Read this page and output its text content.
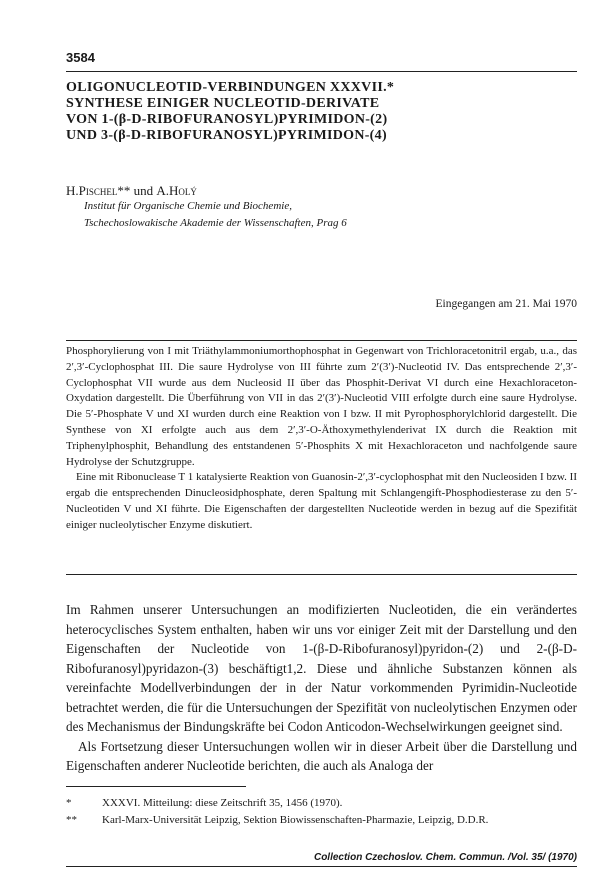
3584
OLIGONUCLEOTID-VERBINDUNGEN XXXVII.*
SYNTHESE EINIGER NUCLEOTID-DERIVATE
VON 1-(β-D-RIBOFURANOSYL)PYRIMIDON-(2)
UND 3-(β-D-RIBOFURANOSYL)PYRIMIDON-(4)
H.Pischel** und A.Holý
Institut für Organische Chemie und Biochemie,
Tschechoslowakische Akademie der Wissenschaften, Prag 6
Eingegangen am 21. Mai 1970

Phosphorylierung von I mit Triäthylammoniumorthophosphat in Gegenwart von Trichloracetonitril ergab, u.a., das 2′,3′-Cyclophosphat III. Die saure Hydrolyse von III führte zum 2′(3′)-Nucleotid IV. Das entsprechende 2′,3′-Cyclophosphat VII wurde aus dem Nucleosid II über das Phosphit-Derivat VI durch eine Hexachloraceton-Oxydation dargestellt. Die Überführung von VII in das 2′(3′)-Nucleotid VIII erfolgte durch eine saure Hydrolyse. Die 5′-Phosphate V und XI wurden durch eine Reaktion von I bzw. II mit Pyrophosphorylchlorid dargestellt. Die Synthese von XI erfolgte auch aus dem 2′,3′-O-Äthoxymethylenderivat IX durch die Reaktion mit Triphenylphosphit, Behandlung des entstandenen 5′-Phosphits X mit Hexachloraceton und nachfolgende saure Hydrolyse der Schutzgruppe.

Eine mit Ribonuclease T 1 katalysierte Reaktion von Guanosin-2′,3′-cyclophosphat mit den Nucleosiden I bzw. II ergab die entsprechenden Dinucleosidphosphate, deren Spaltung mit Schlangengift-Phosphodiesterase zu den 5′-Nucleotiden V und XI führte. Die Eigenschaften der dargestellten Nucleotide werden in bezug auf die Spezifität einiger nucleolytischer Enzyme diskutiert.

Im Rahmen unserer Untersuchungen an modifizierten Nucleotiden, die ein verändertes heterocyclisches System enthalten, haben wir uns vor einiger Zeit mit der Darstellung und den Eigenschaften der Nucleotide von 1-(β-D-Ribofuranosyl)pyridon-(2) und 2-(β-D-Ribofuranosyl)pyridazon-(3) beschäftigt1,2. Diese und ähnliche Substanzen können als vereinfachte Modellverbindungen der in der Natur vorkommenden Pyrimidin-Nucleotide betrachtet werden, die für die Untersuchungen der Spezifität von nucleolytischen Enzymen oder des Mechanismus der Bindungskräfte bei Codon Anticodon-Wechselwirkungen geeignet sind.

Als Fortsetzung dieser Untersuchungen wollen wir in dieser Arbeit über die Darstellung und Eigenschaften anderer Nucleotide berichten, die auch als Analoga der

*	XXXVI. Mitteilung: diese Zeitschrift 35, 1456 (1970).
**	Karl-Marx-Universität Leipzig, Sektion Biowissenschaften-Pharmazie, Leipzig, D.D.R.
Collection Czechoslov. Chem. Commun. /Vol. 35/ (1970)
